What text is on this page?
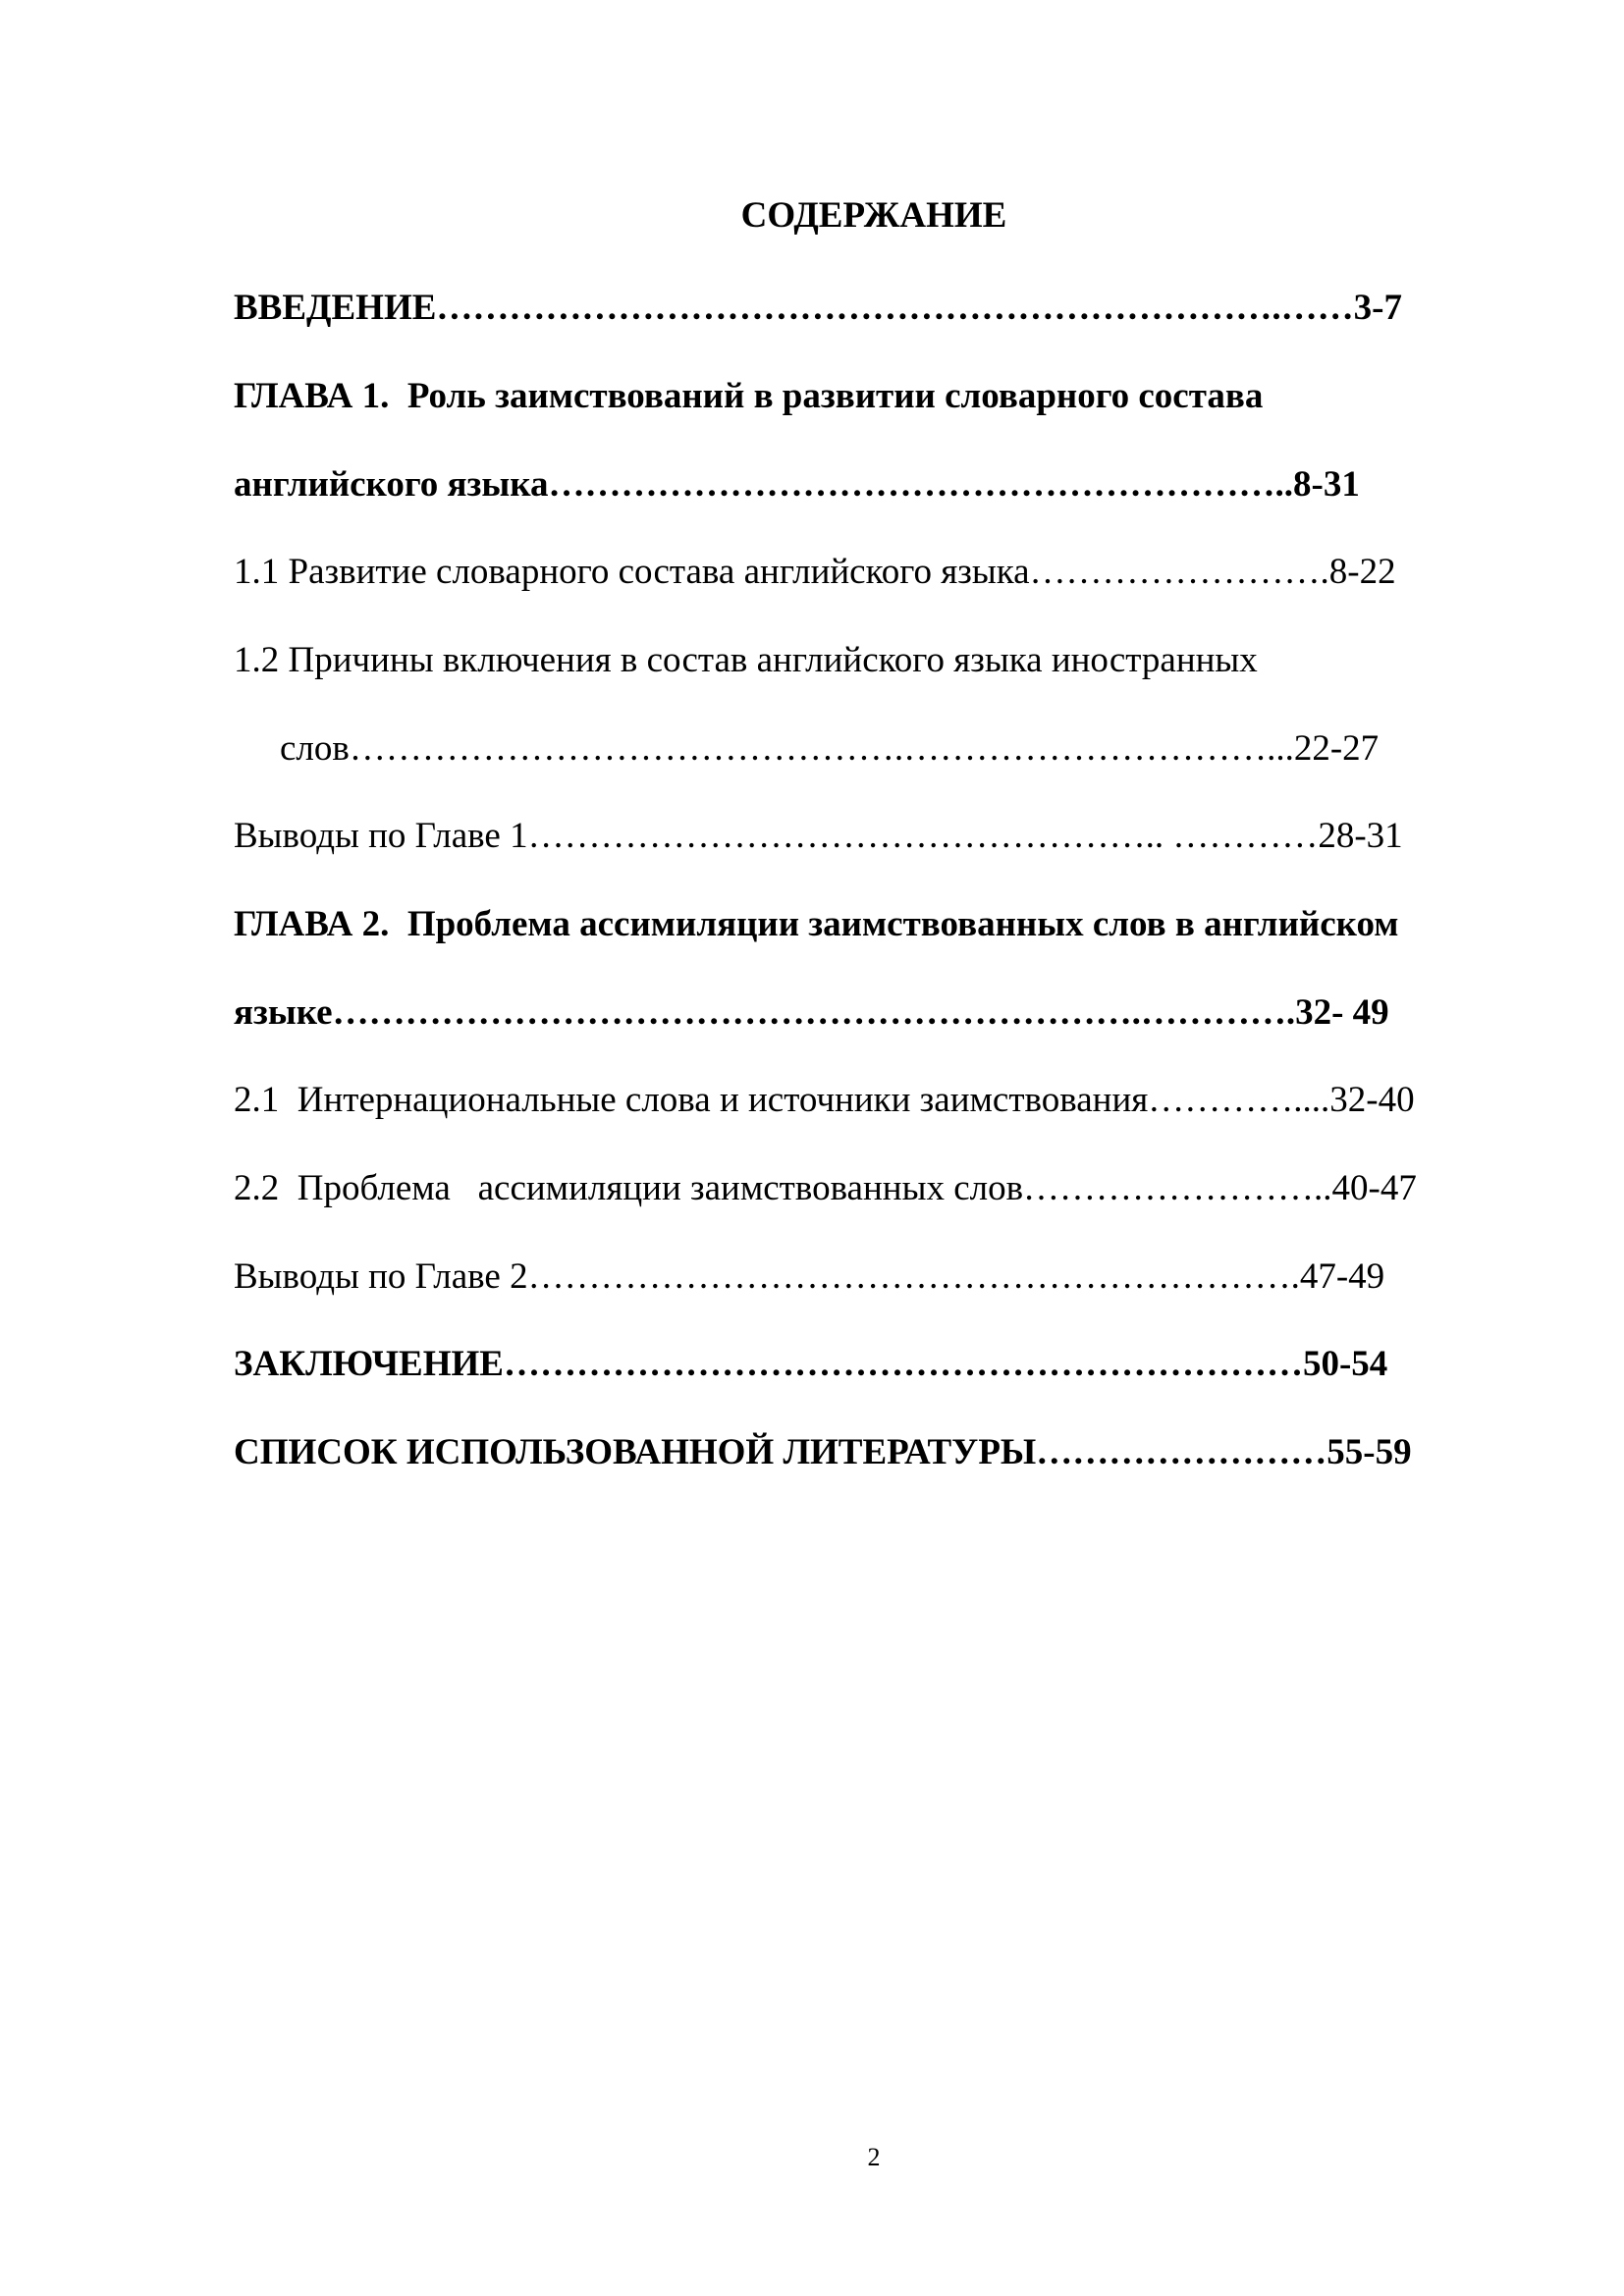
СОДЕРЖАНИЕ
ВВЕДЕНИЕ…………………………………………………………….……3-7
ГЛАВА 1.  Роль заимствований в развитии словарного состава
английского языка……………………………………………………..8-31
1.1 Развитие словарного состава английского языка…………………….8-22
1.2 Причины включения в состав английского языка иностранных
слов……………………………………….…………………………...22-27
Выводы по Главе 1…………………………………………….. …………28-31
ГЛАВА 2.  Проблема ассимиляции заимствованных слов в английском
языке………………………………………………………….………….32- 49
2.1  Интернациональные слова и источники заимствования…………....32-40
2.2  Проблема   ассимиляции заимствованных слов……………………..40-47
Выводы по Главе 2……………………………………………………….47-49
ЗАКЛЮЧЕНИЕ…………………………………………………………50-54
СПИСОК ИСПОЛЬЗОВАННОЙ ЛИТЕРАТУРЫ……………………55-59
2
